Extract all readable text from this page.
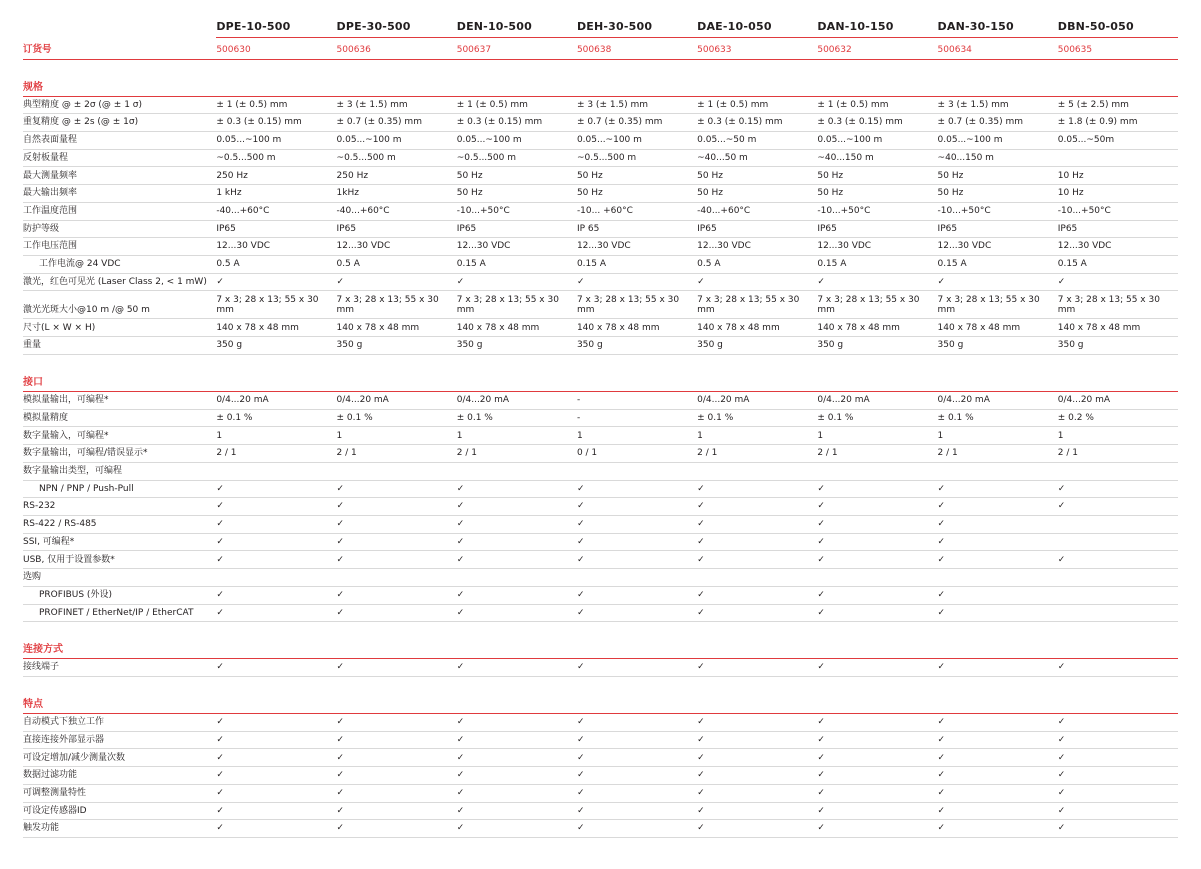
	DPE-10-500	DPE-30-500	DEN-10-500	DEH-30-500	DAE-10-050	DAN-10-150	DAN-30-150	DBN-50-050
订货号	500630	500636	500637	500638	500633	500632	500634	500635

规格								
典型精度 @ ± 2σ (@ ± 1 σ)	± 1 (± 0.5) mm	± 3 (± 1.5) mm	± 1 (± 0.5) mm	± 3 (± 1.5) mm	± 1 (± 0.5) mm	± 1 (± 0.5) mm	± 3 (± 1.5) mm	± 5 (± 2.5) mm
重复精度 @ ± 2s (@ ± 1σ)	± 0.3 (± 0.15) mm	± 0.7 (± 0.35) mm	± 0.3 (± 0.15) mm	± 0.7 (± 0.35) mm	± 0.3 (± 0.15) mm	± 0.3 (± 0.15) mm	± 0.7 (± 0.35) mm	± 1.8 (± 0.9) mm
自然表面量程	0.05...~100 m	0.05...~100 m	0.05...~100 m	0.05...~100 m	0.05...~50 m	0.05...~100 m	0.05...~100 m	0.05...~50m
反射板量程	~0.5...500 m	~0.5...500 m	~0.5...500 m	~0.5...500 m	~40...50 m	~40...150 m	~40...150 m	
最大测量频率	250 Hz	250 Hz	50 Hz	50 Hz	50 Hz	50 Hz	50 Hz	10 Hz
最大输出频率	1 kHz	1kHz	50 Hz	50 Hz	50 Hz	50 Hz	50 Hz	10 Hz
工作温度范围	-40...+60°C	-40...+60°C	-10...+50°C	-10... +60°C	-40...+60°C	-10...+50°C	-10...+50°C	-10...+50°C
防护等级	IP65	IP65	IP65	IP 65	IP65	IP65	IP65	IP65
工作电压范围	12...30 VDC	12...30 VDC	12...30 VDC	12...30 VDC	12...30 VDC	12...30 VDC	12...30 VDC	12...30 VDC
工作电流@ 24 VDC	0.5 A	0.5 A	0.15 A	0.15 A	0.5 A	0.15 A	0.15 A	0.15 A
激光，红色可见光 (Laser Class 2, < 1 mW)	✓	✓	✓	✓	✓	✓	✓	✓
激光光斑大小@10 m /@ 50 m	7 x 3; 28 x 13; 55 x 30 mm	7 x 3; 28 x 13; 55 x 30 mm	7 x 3; 28 x 13; 55 x 30 mm	7 x 3; 28 x 13; 55 x 30 mm	7 x 3; 28 x 13; 55 x 30 mm	7 x 3; 28 x 13; 55 x 30 mm	7 x 3; 28 x 13; 55 x 30 mm	7 x 3; 28 x 13; 55 x 30 mm
尺寸(L × W × H)	140 x 78 x 48 mm	140 x 78 x 48 mm	140 x 78 x 48 mm	140 x 78 x 48 mm	140 x 78 x 48 mm	140 x 78 x 48 mm	140 x 78 x 48 mm	140 x 78 x 48 mm
重量	350 g	350 g	350 g	350 g	350 g	350 g	350 g	350 g

接口								
模拟量输出，可编程*	0/4...20 mA	0/4...20 mA	0/4...20 mA	-	0/4...20 mA	0/4...20 mA	0/4...20 mA	0/4...20 mA
模拟量精度	± 0.1 %	± 0.1 %	± 0.1 %	-	± 0.1 %	± 0.1 %	± 0.1 %	± 0.2 %
数字量输入，可编程*	1	1	1	1	1	1	1	1
数字量输出，可编程/错误显示*	2 / 1	2 / 1	2 / 1	0 / 1	2 / 1	2 / 1	2 / 1	2 / 1
数字量输出类型，可编程								
NPN / PNP / Push-Pull	✓	✓	✓	✓	✓	✓	✓	✓
RS-232	✓	✓	✓	✓	✓	✓	✓	✓
RS-422 / RS-485	✓	✓	✓	✓	✓	✓	✓	
SSI, 可编程*	✓	✓	✓	✓	✓	✓	✓	
USB, 仅用于设置参数*	✓	✓	✓	✓	✓	✓	✓	✓
选购								
PROFIBUS (外设)	✓	✓	✓	✓	✓	✓	✓	
PROFINET / EtherNet/IP / EtherCAT	✓	✓	✓	✓	✓	✓	✓	

连接方式								
接线端子	✓	✓	✓	✓	✓	✓	✓	✓

特点								
自动模式下独立工作	✓	✓	✓	✓	✓	✓	✓	✓
直接连接外部显示器	✓	✓	✓	✓	✓	✓	✓	✓
可设定增加/减少测量次数	✓	✓	✓	✓	✓	✓	✓	✓
数据过滤功能	✓	✓	✓	✓	✓	✓	✓	✓
可调整测量特性	✓	✓	✓	✓	✓	✓	✓	✓
可设定传感器ID	✓	✓	✓	✓	✓	✓	✓	✓
触发功能	✓	✓	✓	✓	✓	✓	✓	✓
